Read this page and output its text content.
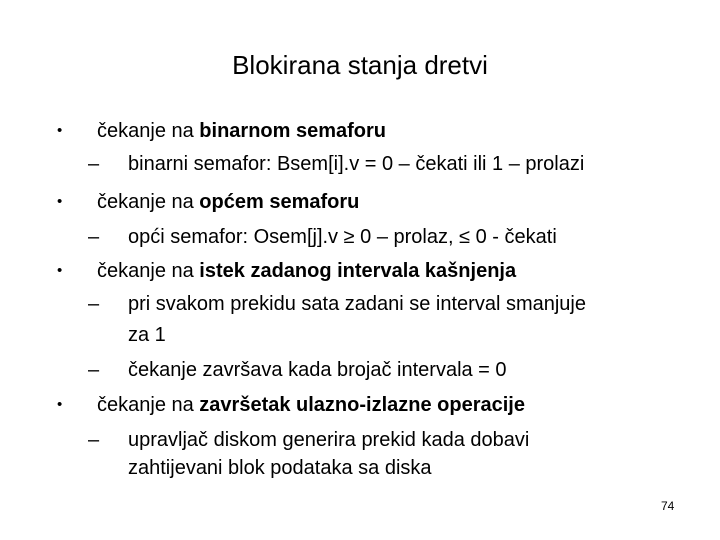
Blokirana stanja dretvi
• čekanje na binarnom semaforu
– binarni semafor: Bsem[i].v = 0 – čekati ili 1 – prolazi
• čekanje na općem semaforu
– opći semafor: Osem[j].v ≥ 0 – prolaz, ≤ 0 - čekati
• čekanje na istek zadanog intervala kašnjenja
– pri svakom prekidu sata zadani se interval smanjuje
za 1
– čekanje završava kada brojač intervala = 0
• čekanje na završetak ulazno-izlazne operacije
– upravljač diskom generira prekid kada dobavi
zahtijevani blok podataka sa diska
74
